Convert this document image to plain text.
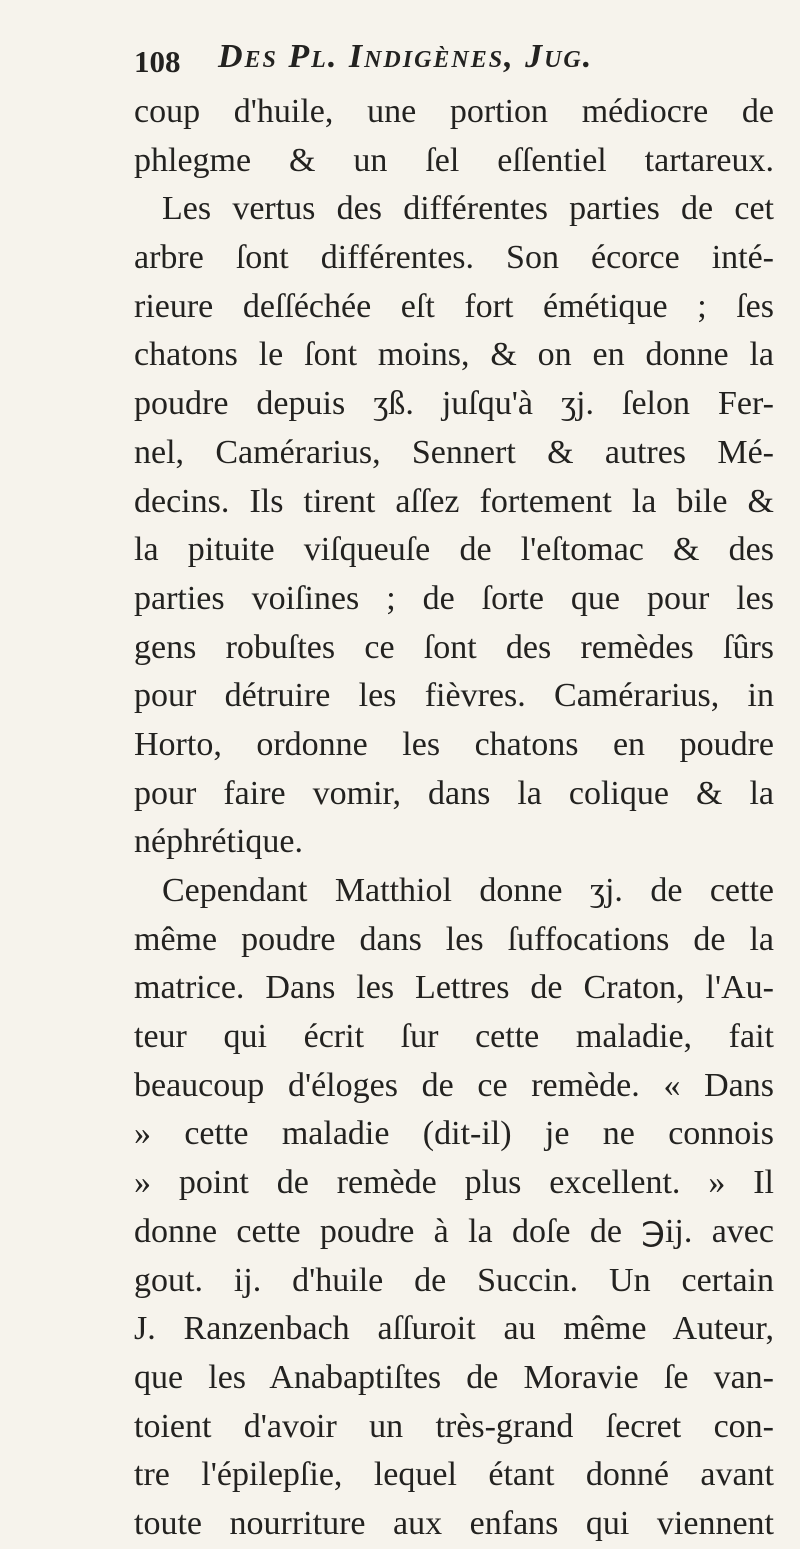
108 Des Pl. Indigènes, Jug.
coup d'huile, une portion médiocre de
phlegme & un ſel eſſentiel tartareux.
Les vertus des différentes parties de cet
arbre ſont différentes. Son écorce inté-
rieure deſſéchée eſt fort émétique ; ſes
chatons le ſont moins, & on en donne la
poudre depuis ʒß. juſqu'à ʒj. ſelon Fer-
nel, Camérarius, Sennert & autres Mé-
decins. Ils tirent aſſez fortement la bile &
la pituite viſqueuſe de l'eſtomac & des
parties voiſines ; de ſorte que pour les
gens robuſtes ce ſont des remèdes ſûrs
pour détruire les fièvres. Camérarius, in
Horto, ordonne les chatons en poudre
pour faire vomir, dans la colique & la
néphrétique.
Cependant Matthiol donne ʒj. de cette
même poudre dans les ſuffocations de la
matrice. Dans les Lettres de Craton, l'Au-
teur qui écrit ſur cette maladie, fait
beaucoup d'éloges de ce remède. « Dans
» cette maladie (dit-il) je ne connois
» point de remède plus excellent. » Il
donne cette poudre à la doſe de ℈ij. avec
gout. ij. d'huile de Succin. Un certain
J. Ranzenbach aſſuroit au même Auteur,
que les Anabaptiſtes de Moravie ſe van-
toient d'avoir un très-grand ſecret con-
tre l'épilepſie, lequel étant donné avant
toute nourriture aux enfans qui viennent
